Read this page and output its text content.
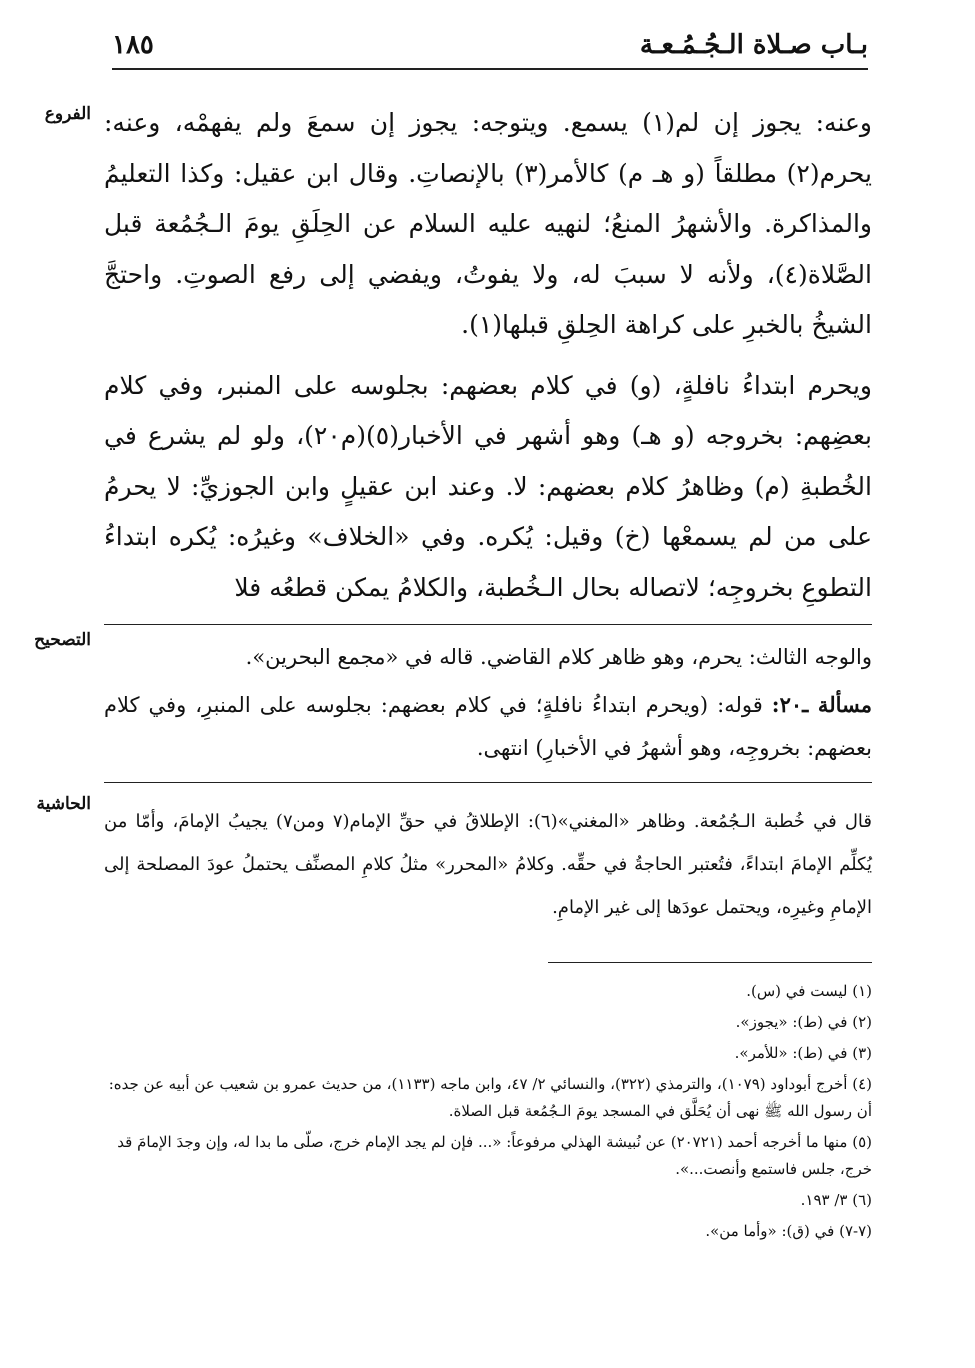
بـاب صـلاة الـجُـمُـعـة
١٨٥
الفروع وعنه: يجوز إن لم(١) يسمع. ويتوجه: يجوز إن سمعَ ولم يفهمْه، وعنه: يحرم(٢) مطلقاً (و هـ م) كالأمر(٣) بالإنصاتِ. وقال ابن عقيل: وكذا التعليمُ والمذاكرة. والأشهرُ المنعُ؛ لنهيه عليه السلام عن الحِلَقِ يومَ الـجُمُعة قبل الصَّلاة(٤)، ولأنه لا سببَ له، ولا يفوتُ، ويفضي إلى رفع الصوتِ. واحتجَّ الشيخُ بالخبرِ على كراهة الحِلقِ قبلها(١).

ويحرم ابتداءُ نافلةٍ، (و) في كلام بعضهم: بجلوسه على المنبر، وفي كلام بعضِهم: بخروجه (و هـ) وهو أشهر في الأخبار(٥)(م٢٠)، ولو لم يشرع في الخُطبةِ (م) وظاهرُ كلام بعضهم: لا. وعند ابن عقيلٍ وابن الجوزيِّ: لا يحرمُ على من لم يسمعْها (خ) وقيل: يُكره. وفي «الخلاف» وغيرُه: يُكره ابتداءُ التطوعِ بخروجِه؛ لاتصاله بحال الـخُطبة، والكلامُ يمكن قطعُه فلا

التصحيح

والوجه الثالث: يحرم، وهو ظاهر كلام القاضي. قاله في «مجمع البحرين».

مسألة ـ٢٠: قوله: (ويحرم ابتداءُ نافلةٍ؛ في كلام بعضهم: بجلوسه على المنبرِ، وفي كلام بعضهم: بخروجِه، وهو أشهرُ في الأخبارِ) انتهى.

الحاشية

قال في خُطبة الـجُمُعة. وظاهر «المغني»(٦): الإطلاقُ في حقِّ الإمام(٧ ومن٧) يجيبُ الإمامَ، وأمّا من يُكلِّم الإمامَ ابتداءً، فتُعتبر الحاجةُ في حقِّه. وكلامُ «المحرر» مثلُ كلامِ المصنِّف يحتملُ عودَ المصلحة إلى الإمامِ وغيرِه، ويحتمل عودَها إلى غير الإمامِ.

(١) ليست في (س).
(٢) في (ط): «يجوز».
(٣) في (ط): «للأمر».
(٤) أخرج أبوداود (١٠٧٩)، والترمذي (٣٢٢)، والنسائي ٢/ ٤٧، وابن ماجه (١١٣٣)، من حديث عمرو بن شعيب عن أبيه عن جده: أن رسول الله ﷺ نهى أن يُحَلَّق في المسجد يومَ الـجُمُعة قبل الصلاة.
(٥) منها ما أخرجه أحمد (٢٠٧٢١) عن نُبيشة الهذلي مرفوعاً: «... فإن لم يجد الإمام خرج، صلّى ما بدا له، وإن وجدَ الإمامَ قد خرج، جلس فاستمع وأنصت...».
(٦) ٣/ ١٩٣.
(٧-٧) في (ق): «وأما من».
